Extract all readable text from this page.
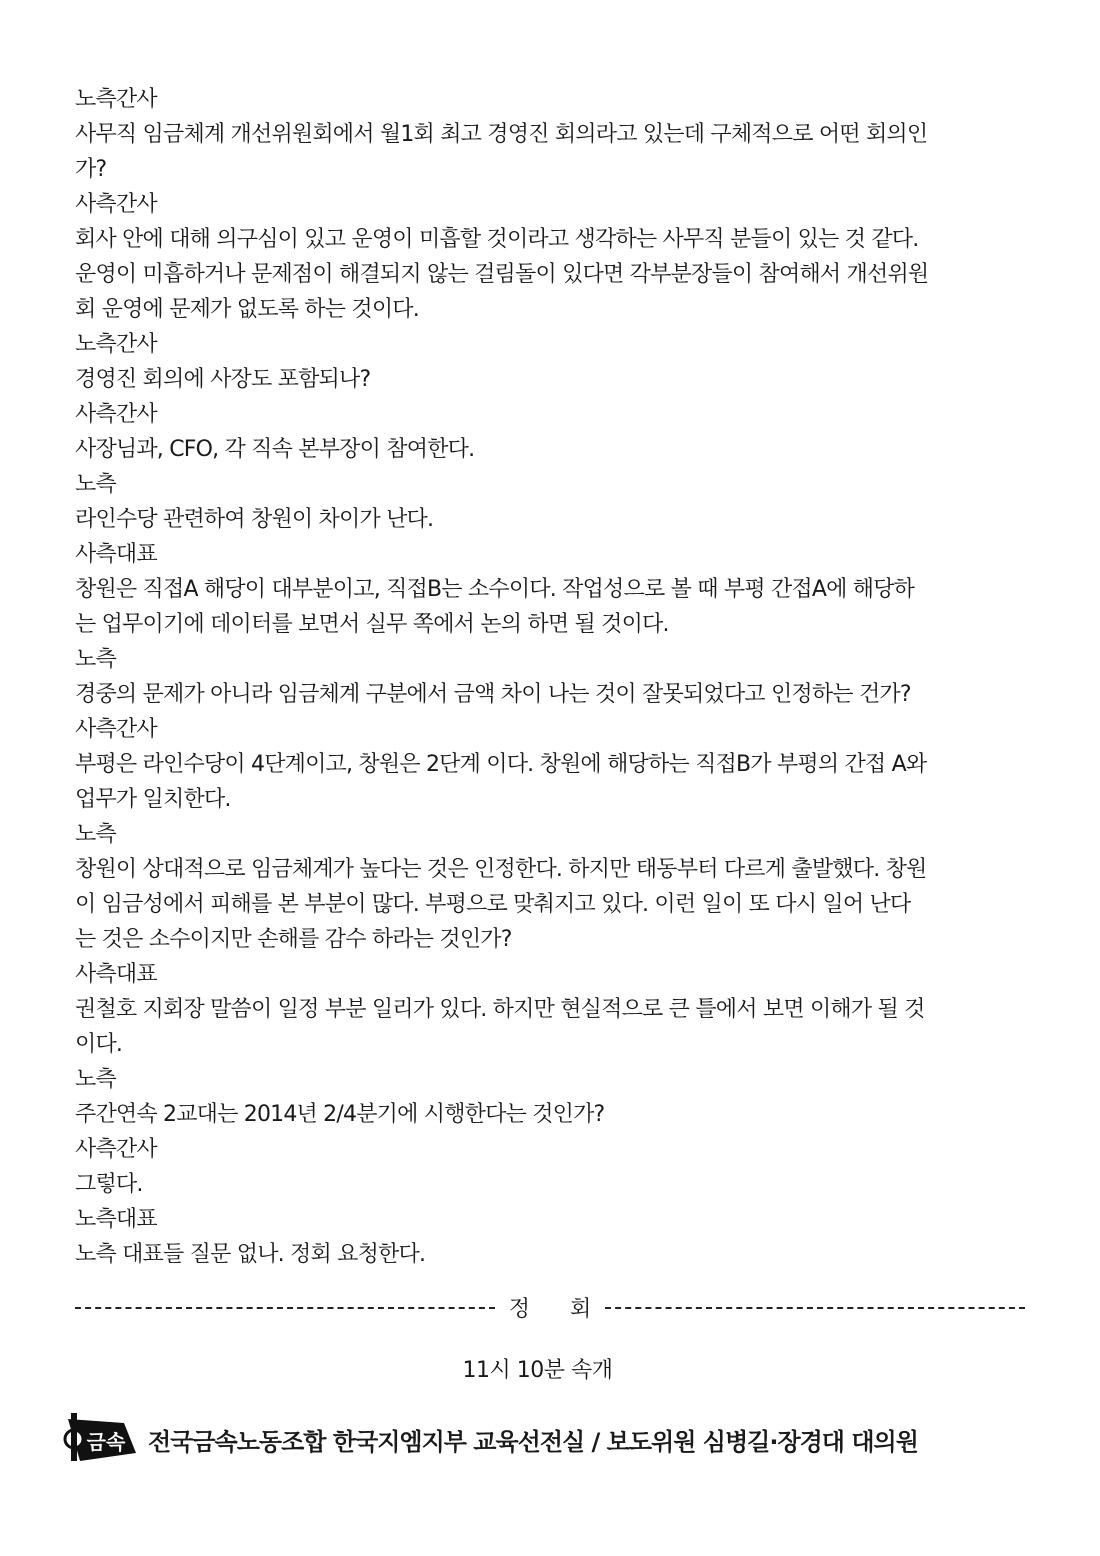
노측간사
사무직 임금체계 개선위원회에서 월1회 최고 경영진 회의라고 있는데 구체적으로 어떤 회의인
가?
사측간사
회사 안에 대해 의구심이 있고 운영이 미흡할 것이라고 생각하는 사무직 분들이 있는 것 같다.
운영이 미흡하거나 문제점이 해결되지 않는 걸림돌이 있다면 각부분장들이 참여해서 개선위원
회 운영에 문제가 없도록 하는 것이다.
노측간사
경영진 회의에 사장도 포함되나?
사측간사
사장님과, CFO, 각 직속 본부장이 참여한다.
노측
라인수당 관련하여 창원이 차이가 난다.
사측대표
창원은 직접A 해당이 대부분이고, 직접B는 소수이다. 작업성으로 볼 때 부평 간접A에 해당하
는 업무이기에 데이터를 보면서 실무 쪽에서 논의 하면 될 것이다.
노측
경중의 문제가 아니라 임금체계 구분에서 금액 차이 나는 것이 잘못되었다고 인정하는 건가?
사측간사
부평은 라인수당이 4단계이고, 창원은 2단계 이다. 창원에 해당하는 직접B가 부평의 간접 A와
업무가 일치한다.
노측
창원이 상대적으로 임금체계가 높다는 것은 인정한다. 하지만 태동부터 다르게 출발했다. 창원
이 임금성에서 피해를 본 부분이 많다. 부평으로 맞춰지고 있다. 이런 일이 또 다시 일어 난다
는 것은 소수이지만 손해를 감수 하라는 것인가?
사측대표
권철호 지회장 말씀이 일정 부분 일리가 있다. 하지만 현실적으로 큰 틀에서 보면 이해가 될 것
이다.
노측
주간연속 2교대는 2014년 2/4분기에 시행한다는 것인가?
사측간사
그렇다.
노측대표
노측 대표들 질문 없나. 정회 요청한다.
정회
11시 10분 속개
금속 전국금속노동조합 한국지엠지부 교육선전실 / 보도위원 심병길·장경대 대의원
